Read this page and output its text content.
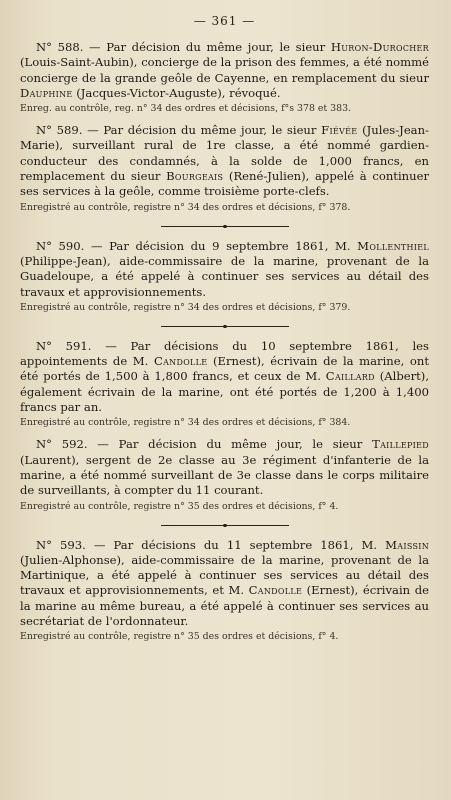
— 361 —

N° 588. — Par décision du même jour, le sieur Huron-Durocher (Louis-Saint-Aubin), concierge de la prison des femmes, a été nommé concierge de la grande geôle de Cayenne, en remplacement du sieur Dauphine (Jacques-Victor-Auguste), révoqué.

Enreg. au contrôle, reg. n° 34 des ordres et décisions, f°s 378 et 383.

N° 589. — Par décision du même jour, le sieur Fiévée (Jules-Jean-Marie), surveillant rural de 1re classe, a été nommé gardien-conducteur des condamnés, à la solde de 1,000 francs, en remplacement du sieur Bourgeais (René-Julien), appelé à continuer ses services à la geôle, comme troisième porte-clefs.

Enregistré au contrôle, registre n° 34 des ordres et décisions, f° 378.

N° 590. — Par décision du 9 septembre 1861, M. Mollenthiel (Philippe-Jean), aide-commissaire de la marine, provenant de la Guadeloupe, a été appelé à continuer ses services au détail des travaux et approvisionnements.

Enregistré au contrôle, registre n° 34 des ordres et décisions, f° 379.

N° 591. — Par décisions du 10 septembre 1861, les appointements de M. Candolle (Ernest), écrivain de la marine, ont été portés de 1,500 à 1,800 francs, et ceux de M. Caillard (Albert), également écrivain de la marine, ont été portés de 1,200 à 1,400 francs par an.

Enregistré au contrôle, registre n° 34 des ordres et décisions, f° 384.

N° 592. — Par décision du même jour, le sieur Taillepied (Laurent), sergent de 2e classe au 3e régiment d'infanterie de la marine, a été nommé surveillant de 3e classe dans le corps militaire de surveillants, à compter du 11 courant.

Enregistré au contrôle, registre n° 35 des ordres et décisions, f° 4.

N° 593. — Par décisions du 11 septembre 1861, M. Maissin (Julien-Alphonse), aide-commissaire de la marine, provenant de la Martinique, a été appelé à continuer ses services au détail des travaux et approvisionnements, et M. Candolle (Ernest), écrivain de la marine au même bureau, a été appelé à continuer ses services au secrétariat de l'ordonnateur.

Enregistré au contrôle, registre n° 35 des ordres et décisions, f° 4.
